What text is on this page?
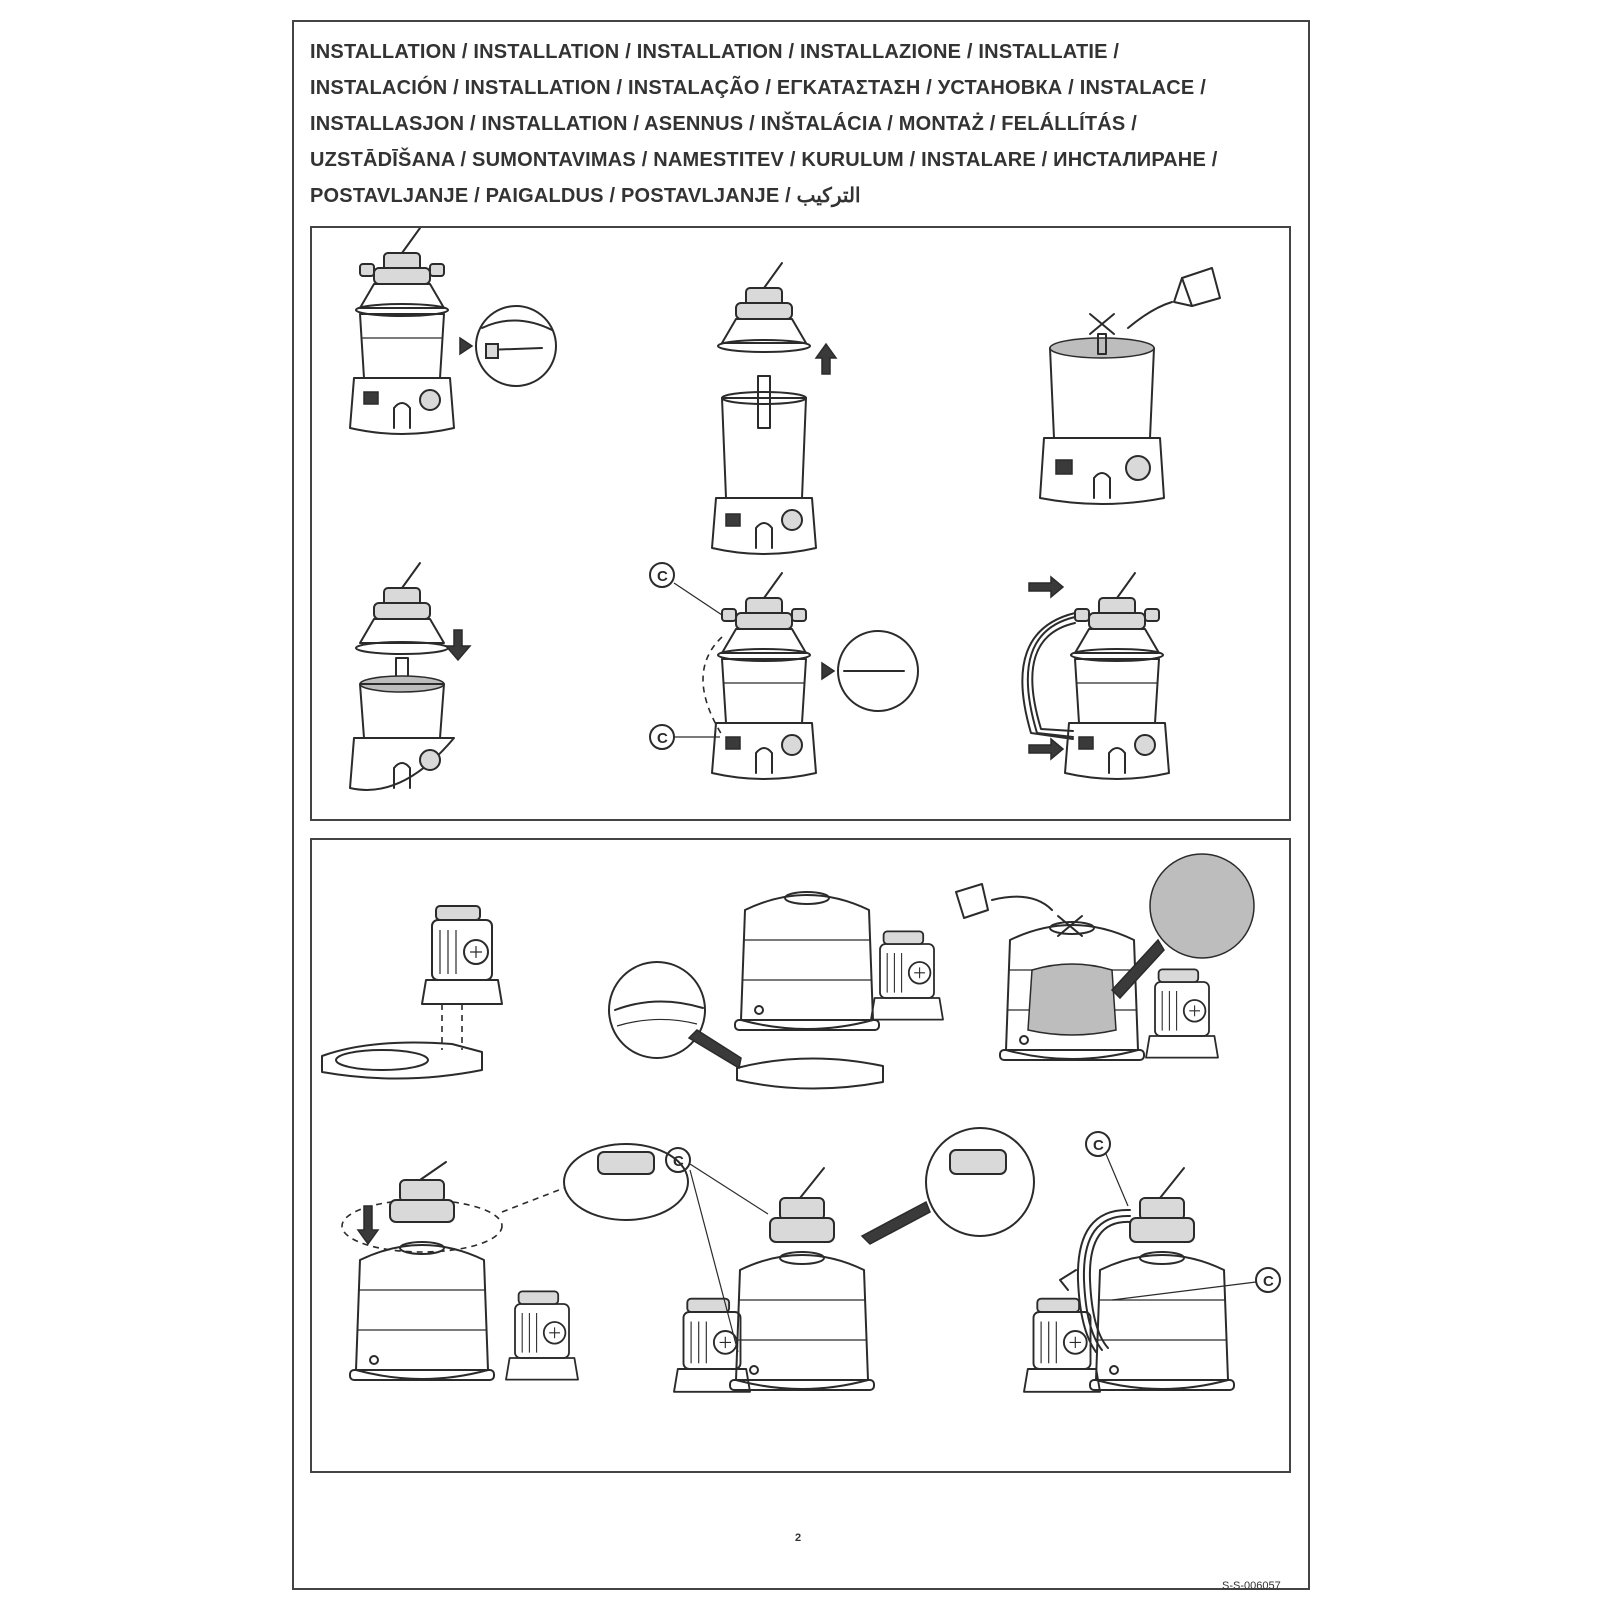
INSTALLATION / INSTALLATION / INSTALLATION / INSTALLAZIONE / INSTALLATIE /
INSTALACIÓN / INSTALLATION / INSTALAÇÃO / ΕΓΚΑΤΑΣΤΑΣΗ / УСТАНОВКА / INSTALACE /
INSTALLASJON / INSTALLATION / ASENNUS / INŠTALÁCIA / MONTAŻ / FELÁLLÍTÁS /
UZSTĀDĪŠANA / SUMONTAVIMAS / NAMESTITEV / KURULUM / INSTALARE / ИНСТАЛИРАНЕ /
POSTAVLJANJE / PAIGALDUS / POSTAVLJANJE / التركيب
C
C
C
C
C
2
S-S-006057
